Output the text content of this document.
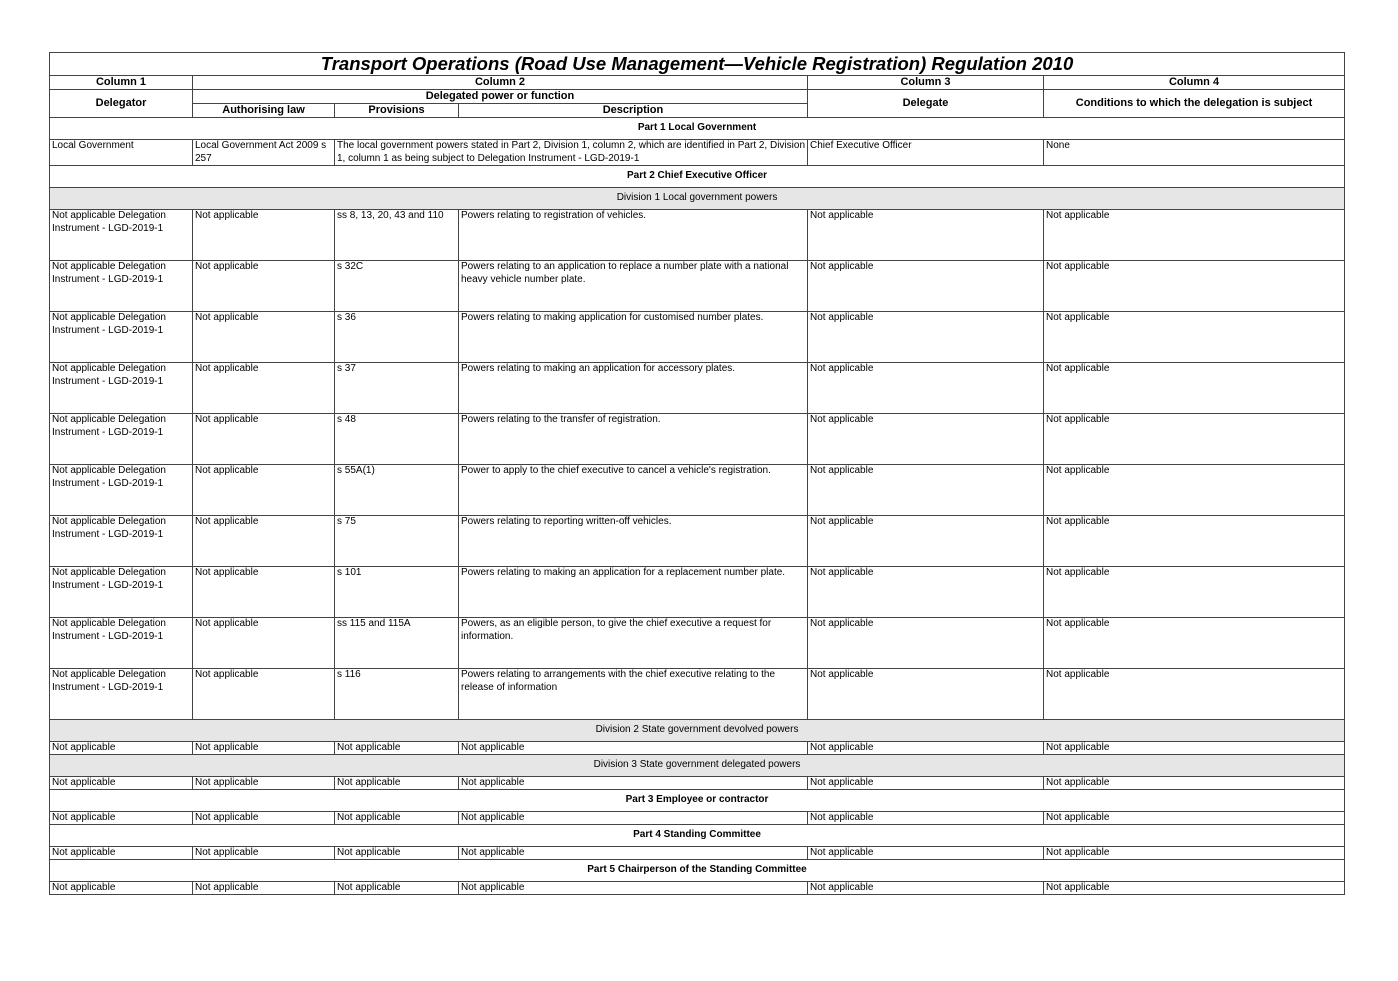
Transport Operations (Road Use Management—Vehicle Registration) Regulation 2010					
Column 1	Column 2			Column 3	Column 4
Delegator	Delegated power or function			Delegate	Conditions to which the delegation is subject
	Authorising law	Provisions	Description		
Part 1 Local Government					
Local Government	Local Government Act 2009 s 257	The local government powers stated in Part 2, Division 1, column 2, which are identified in Part 2, Division 1, column 1 as being subject to Delegation Instrument - LGD-2019-1		Chief Executive Officer	None
Part 2 Chief Executive Officer					
Division 1 Local government powers					
Not applicable Delegation Instrument - LGD-2019-1	Not applicable	ss 8, 13, 20, 43 and 110	Powers relating to registration of vehicles.	Not applicable	Not applicable
Not applicable Delegation Instrument - LGD-2019-1	Not applicable	s 32C	Powers relating to an application to replace a number plate with a national heavy vehicle number plate.	Not applicable	Not applicable
Not applicable Delegation Instrument - LGD-2019-1	Not applicable	s 36	Powers relating to making application for customised number plates.	Not applicable	Not applicable
Not applicable Delegation Instrument - LGD-2019-1	Not applicable	s 37	Powers relating to making an application for accessory plates.	Not applicable	Not applicable
Not applicable Delegation Instrument - LGD-2019-1	Not applicable	s 48	Powers relating to the transfer of registration.	Not applicable	Not applicable
Not applicable Delegation Instrument - LGD-2019-1	Not applicable	s 55A(1)	Power to apply to the chief executive to cancel a vehicle's registration.	Not applicable	Not applicable
Not applicable Delegation Instrument - LGD-2019-1	Not applicable	s 75	Powers relating to reporting written-off vehicles.	Not applicable	Not applicable
Not applicable Delegation Instrument - LGD-2019-1	Not applicable	s 101	Powers relating to making an application for a replacement number plate.	Not applicable	Not applicable
Not applicable Delegation Instrument - LGD-2019-1	Not applicable	ss 115 and 115A	Powers, as an eligible person, to give the chief executive a request for information.	Not applicable	Not applicable
Not applicable Delegation Instrument - LGD-2019-1	Not applicable	s 116	Powers relating to arrangements with the chief executive relating to the release of information	Not applicable	Not applicable
Division 2 State government devolved powers					
Not applicable	Not applicable	Not applicable	Not applicable	Not applicable	Not applicable
Division 3 State government delegated powers					
Not applicable	Not applicable	Not applicable	Not applicable	Not applicable	Not applicable
Part 3 Employee or contractor					
Not applicable	Not applicable	Not applicable	Not applicable	Not applicable	Not applicable
Part 4 Standing Committee					
Not applicable	Not applicable	Not applicable	Not applicable	Not applicable	Not applicable
Part 5 Chairperson of the Standing Committee					
Not applicable	Not applicable	Not applicable	Not applicable	Not applicable	Not applicable
